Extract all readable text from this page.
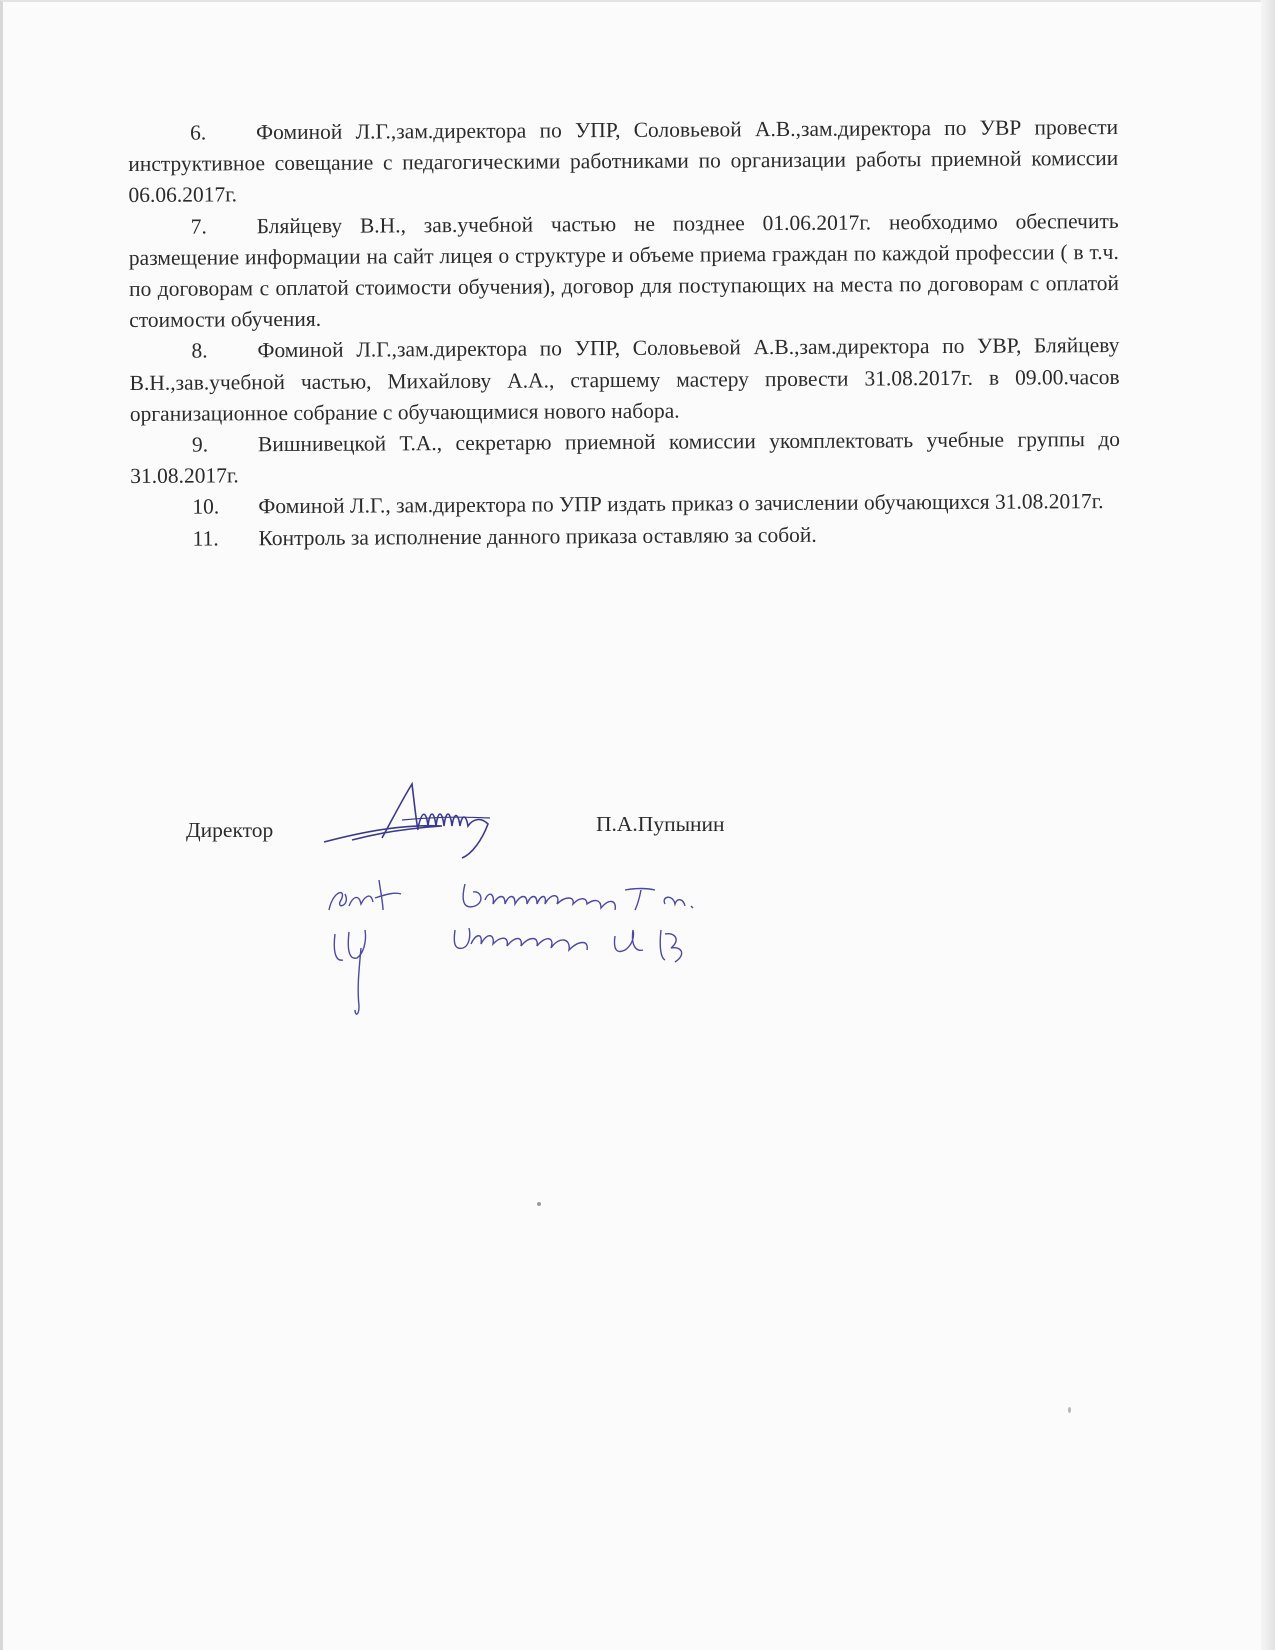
6. Фоминой Л.Г.,зам.директора по УПР, Соловьевой А.В.,зам.директора по УВР провести инструктивное совещание с педагогическими работниками по организации работы приемной комиссии 06.06.2017г.

7. Бляйцеву В.Н., зав.учебной частью не позднее 01.06.2017г. необходимо обеспечить размещение информации на сайт лицея о структуре и объеме приема граждан по каждой профессии ( в т.ч. по договорам с оплатой стоимости обучения), договор для поступающих на места по договорам с оплатой стоимости обучения.

8. Фоминой Л.Г.,зам.директора по УПР, Соловьевой А.В.,зам.директора по УВР, Бляйцеву В.Н.,зав.учебной частью, Михайлову А.А., старшему мастеру провести 31.08.2017г. в 09.00.часов организационное собрание с обучающимися нового набора.

9. Вишнивецкой Т.А., секретарю приемной комиссии укомплектовать учебные группы до 31.08.2017г.

10. Фоминой Л.Г., зам.директора по УПР издать приказ о зачислении обучающихся 31.08.2017г.

11. Контроль за исполнение данного приказа оставляю за собой.

Директор	П.А.Пупынин
